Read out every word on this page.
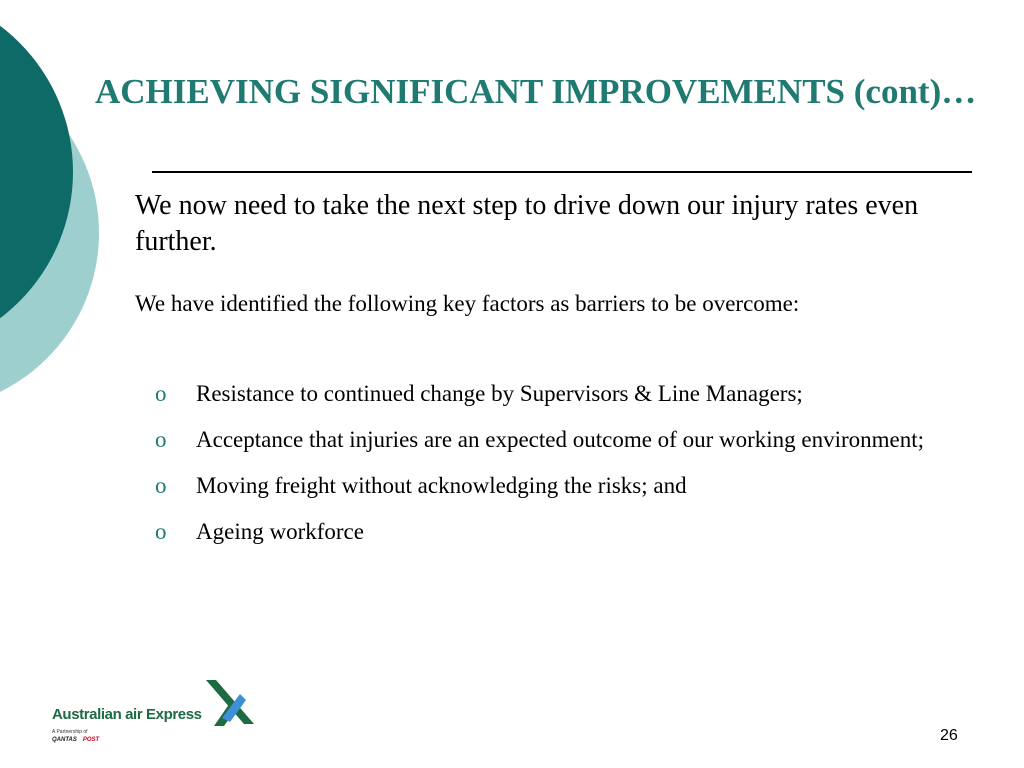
ACHIEVING SIGNIFICANT IMPROVEMENTS (cont)…
We now need to take the next step to drive down our injury rates even further.
We have identified the following key factors as barriers to be overcome:
o Resistance to continued change by Supervisors & Line Managers;
o Acceptance that injuries are an expected outcome of our working environment;
o Moving freight without acknowledging the risks; and
o Ageing workforce
Australian air Express
A Partnership of
QANTAS POST	26
